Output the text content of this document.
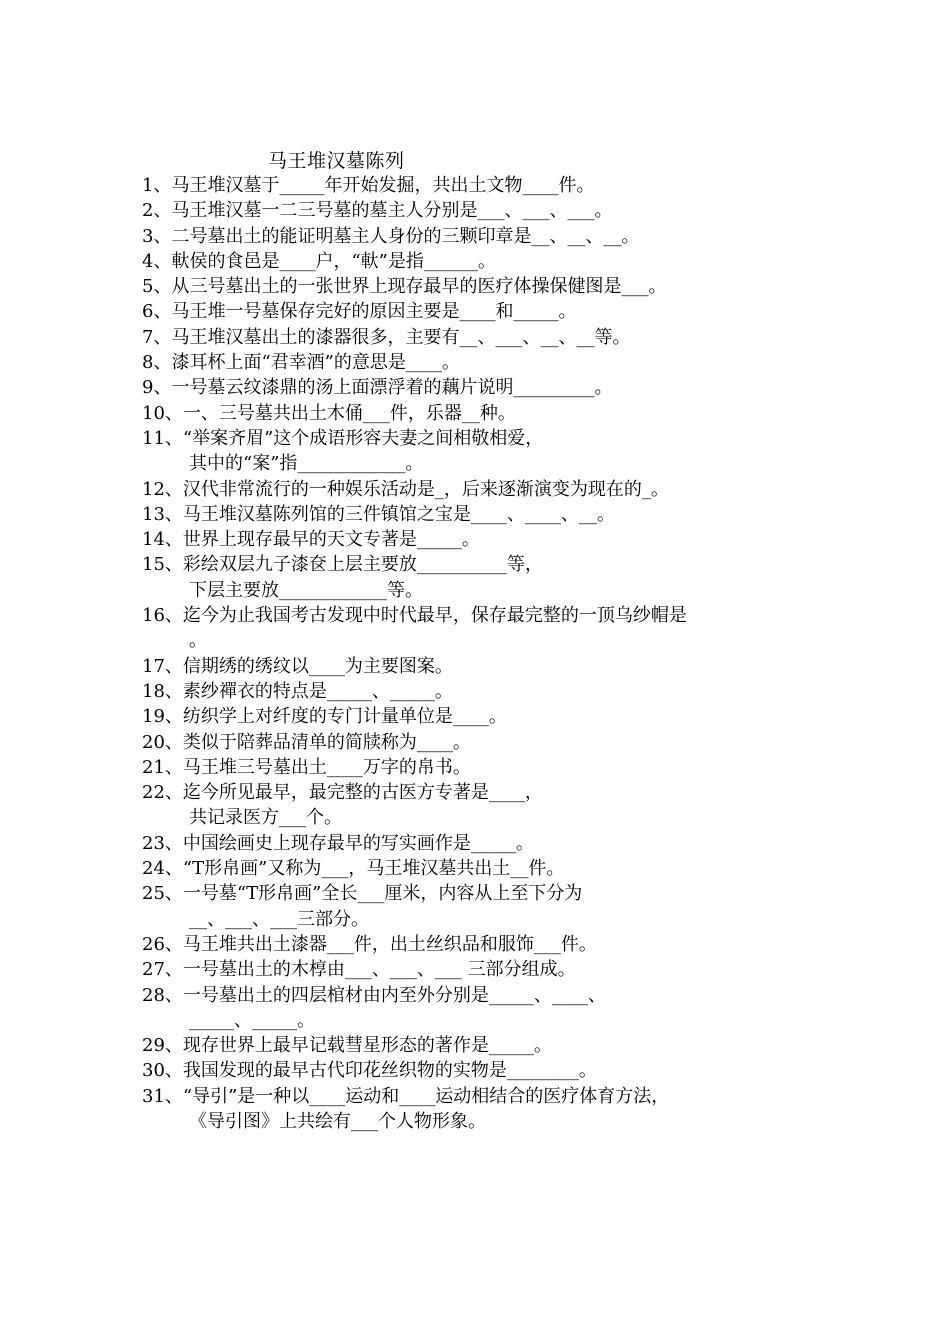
马王堆汉墓陈列
1、马王堆汉墓于_____年开始发掘，共出土文物____件。
2、马王堆汉墓一二三号墓的墓主人分别是___、___、___。
3、二号墓出土的能证明墓主人身份的三颗印章是__、__、__。
4、軑侯的食邑是____户，“軑”是指______。
5、从三号墓出土的一张世界上现存最早的医疗体操保健图是___。
6、马王堆一号墓保存完好的原因主要是____和_____。
7、马王堆汉墓出土的漆器很多，主要有__、___、__、__等。
8、漆耳杯上面“君幸酒”的意思是____。
9、一号墓云纹漆鼎的汤上面漂浮着的藕片说明_________。
10、一、三号墓共出土木俑___件，乐器__种。
11、“举案齐眉”这个成语形容夫妻之间相敬相爱，
其中的“案”指____________。
12、汉代非常流行的一种娱乐活动是_，后来逐渐演变为现在的_。
13、马王堆汉墓陈列馆的三件镇馆之宝是____、____、__。
14、世界上现存最早的天文专著是_____。
15、彩绘双层九子漆奁上层主要放__________等，
下层主要放____________等。
16、迄今为止我国考古发现中时代最早，保存最完整的一顶乌纱帽是
。
17、信期绣的绣纹以____为主要图案。
18、素纱禪衣的特点是_____、_____。
19、纺织学上对纤度的专门计量单位是____。
20、类似于陪葬品清单的简牍称为____。
21、马王堆三号墓出土____万字的帛书。
22、迄今所见最早，最完整的古医方专著是____，
共记录医方___个。
23、中国绘画史上现存最早的写实画作是_____。
24、“T形帛画”又称为___，马王堆汉墓共出土__件。
25、一号墓“T形帛画”全长___厘米，内容从上至下分为
__、___、___三部分。
26、马王堆共出土漆器___件，出土丝织品和服饰___件。
27、一号墓出土的木椁由___、___、___ 三部分组成。
28、一号墓出土的四层棺材由内至外分别是_____、____、
_____、_____。
29、现存世界上最早记载彗星形态的著作是_____。
30、我国发现的最早古代印花丝织物的实物是________。
31、“导引”是一种以____运动和____运动相结合的医疗体育方法，
《导引图》上共绘有___个人物形象。
